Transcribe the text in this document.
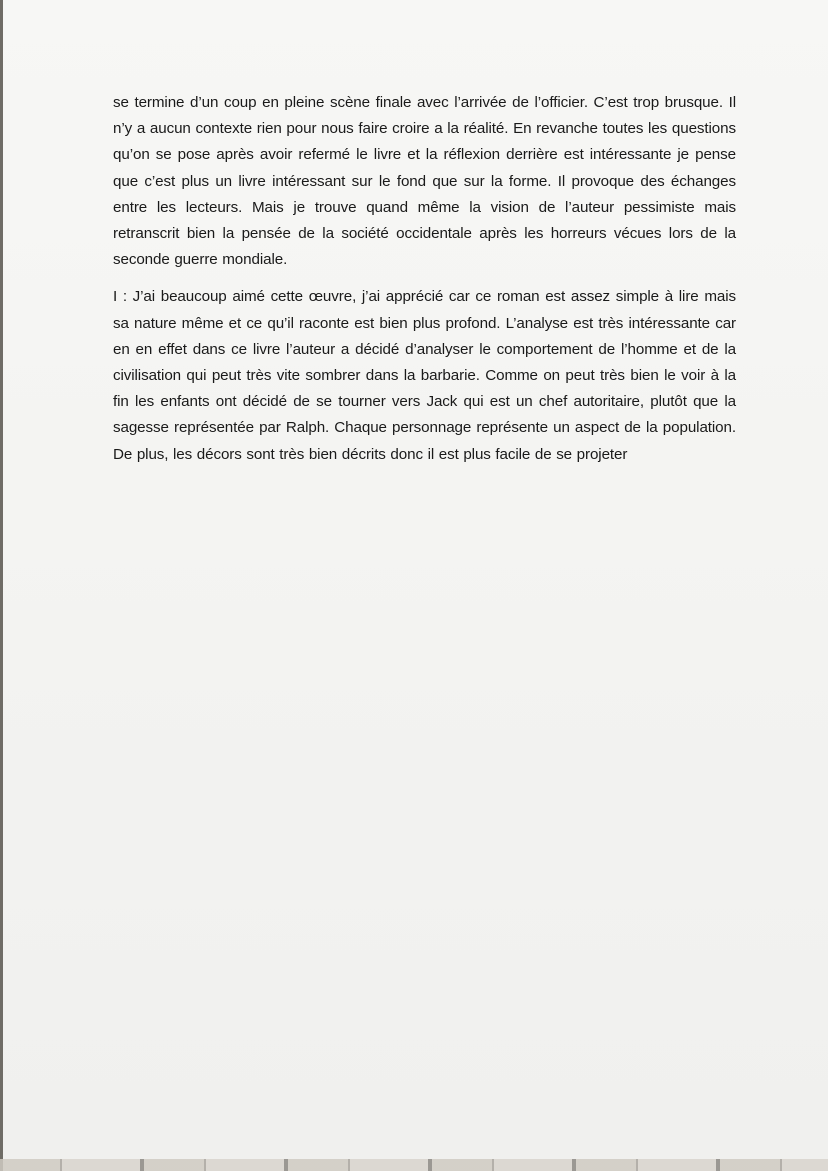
se termine d’un coup en pleine scène finale avec l’arrivée de l’officier. C’est trop brusque. Il n’y a aucun contexte rien pour nous faire croire a la réalité. En revanche toutes les questions qu’on se pose après avoir refermé le livre et la réflexion derrière est intéressante je pense que c’est plus un livre intéressant sur le fond que sur la forme. Il provoque des échanges entre les lecteurs. Mais je trouve quand même la vision de l’auteur pessimiste mais retranscrit bien la pensée de la société occidentale après les horreurs vécues lors de la seconde guerre mondiale.

I : J’ai beaucoup aimé cette œuvre, j’ai apprécié car ce roman est assez simple à lire mais sa nature même et ce qu’il raconte est bien plus profond. L’analyse est très intéressante car en en effet dans ce livre l’auteur a décidé d’analyser le comportement de l’homme et de la civilisation qui peut très vite sombrer dans la barbarie. Comme on peut très bien le voir à la fin les enfants ont décidé de se tourner vers Jack qui est un chef autoritaire, plutôt que la sagesse représentée par Ralph. Chaque personnage représente un aspect de la population. De plus, les décors sont très bien décrits donc il est plus facile de se projeter
